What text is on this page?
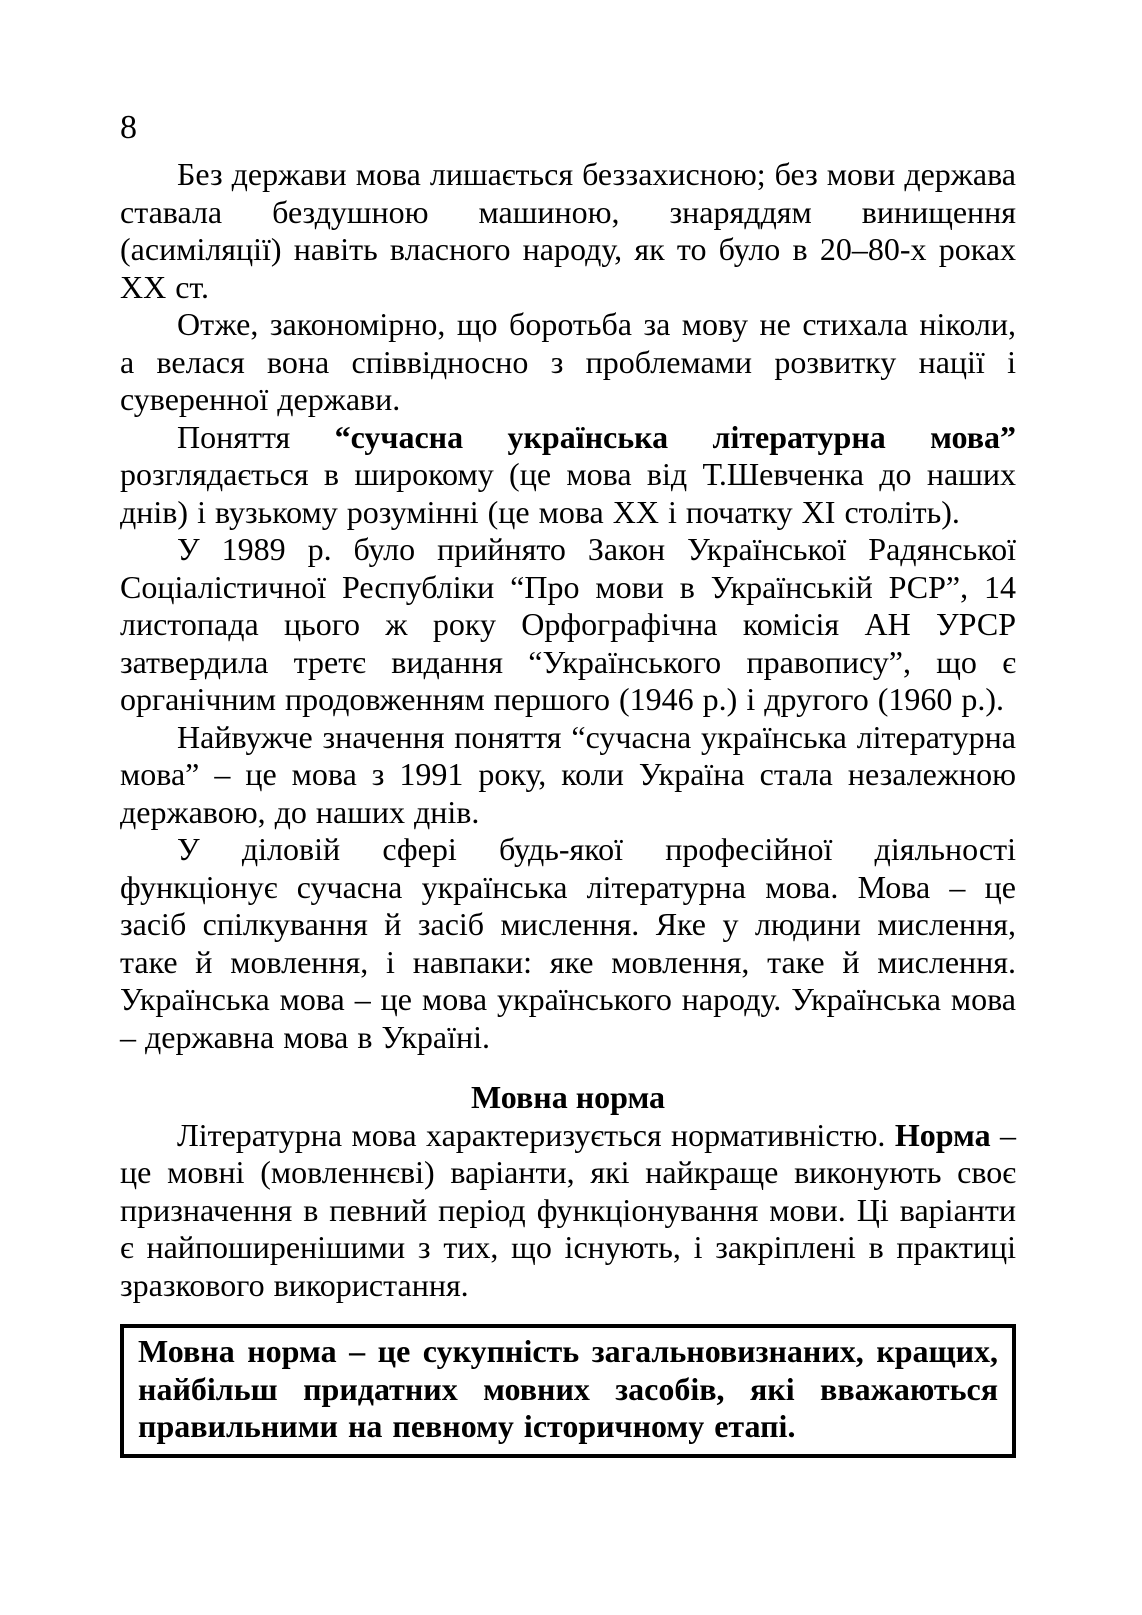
8

Без держави мова лишається беззахисною; без мови держава ставала бездушною машиною, знаряддям винищення (асиміляції) навіть власного народу, як то було в 20–80-х роках ХХ ст.

Отже, закономірно, що боротьба за мову не стихала ніколи, а велася вона співвідносно з проблемами розвитку нації і суверенної держави.

Поняття “сучасна українська літературна мова” розглядається в широкому (це мова від Т.Шевченка до наших днів) і вузькому розумінні (це мова ХХ і початку ХІ століть).

У 1989 р. було прийнято Закон Української Радянської Соціалістичної Республіки “Про мови в Українській РСР”, 14 листопада цього ж року Орфографічна комісія АН УРСР затвердила третє видання “Українського правопису”, що є органічним продовженням першого (1946 р.) і другого (1960 р.).

Найвужче значення поняття “сучасна українська літературна мова” – це мова з 1991 року, коли Україна стала незалежною державою, до наших днів.

У діловій сфері будь-якої професійної діяльності функціонує сучасна українська літературна мова. Мова – це засіб спілкування й засіб мислення. Яке у людини мислення, таке й мовлення, і навпаки: яке мовлення, таке й мислення. Українська мова – це мова українського народу. Українська мова – державна мова в Україні.

Мовна норма

Літературна мова характеризується нормативністю. Норма – це мовні (мовленнєві) варіанти, які найкраще виконують своє призначення в певний період функціонування мови. Ці варіанти є найпоширенішими з тих, що існують, і закріплені в практиці зразкового використання.

Мовна норма – це сукупність загальновизнаних, кращих, найбільш придатних мовних засобів, які вважаються правильними на певному історичному етапі.
